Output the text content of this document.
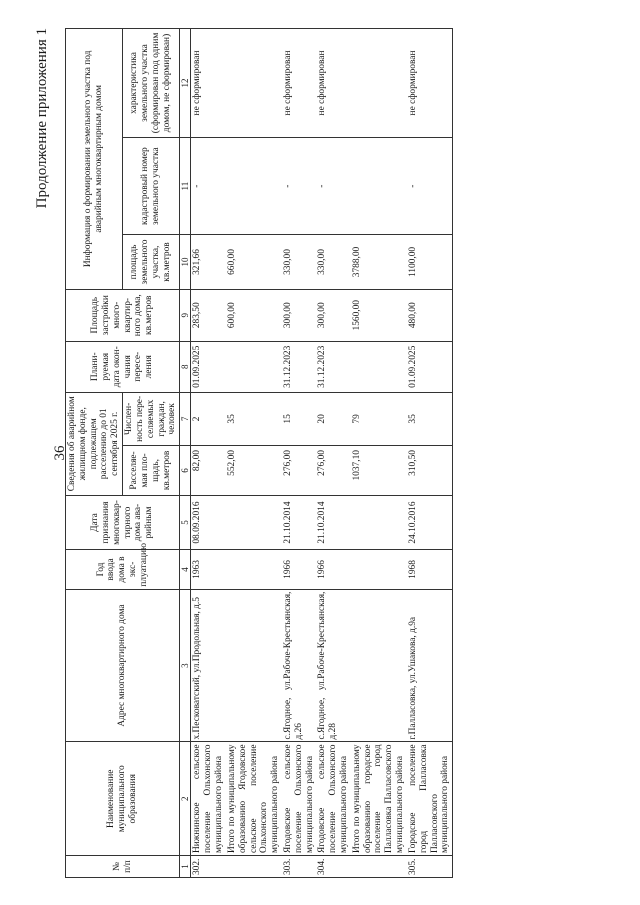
Продолжение приложения 1
36
№ п/п	Наименование муниципального образования	Адрес многоквартирного дома	Год ввода дома в экс-плуатацию	Дата признания многоквар-тирного дома ава-рийным	Сведения об аварийном жилищном фонде, подлежащем расселению до 01 сентября 2025 г.		Плани-руемая дата окон-чания пересе-ления	Площадь застройки много-квартир-ного дома, кв.метров	Информация о формировании земельного участка под аварийным многоквартирным домом		
					Расселяе-мая пло-щадь, кв.метров	Числен-ность пере-селяемых граждан, человек			площадь земельного участка, кв.метров	кадастровый номер земельного участка	характеристика земельного участка (сформирован под одним домом, не сформирован)
1	2	3	4	5	6	7	8	9	10	11	12
302.	Нижнинское сельское поселение Ольхонского муниципального района	х.Песковатский, ул.Продольная, д.5	1963	08.09.2016	82,00	2	01.09.2025	283,50	321,66	-	не сформирован
	Итого по муниципальному образованию Ягодовское сельское поселение Ольхонского муниципального района				552,00	35		600,00	660,00		
303.	Ягодовское сельское поселение Ольхонского муниципального района	с.Ягодное, ул.Рабоче-Крестьянская, д.26	1966	21.10.2014	276,00	15	31.12.2023	300,00	330,00	-	не сформирован
304.	Ягодовское сельское поселение Ольхонского муниципального района	с.Ягодное, ул.Рабоче-Крестьянская, д.28	1966	21.10.2014	276,00	20	31.12.2023	300,00	330,00	-	не сформирован
	Итого по муниципальному образованию городское поселение город Палласовка Палласовского муниципального района				1037,10	79		1560,00	3788,00		
305.	Городское поселение город Палласовка Палласовского муниципального района	г.Палласовка, ул.Ушакова, д.9а	1968	24.10.2016	310,50	35	01.09.2025	480,00	1100,00	-	не сформирован
